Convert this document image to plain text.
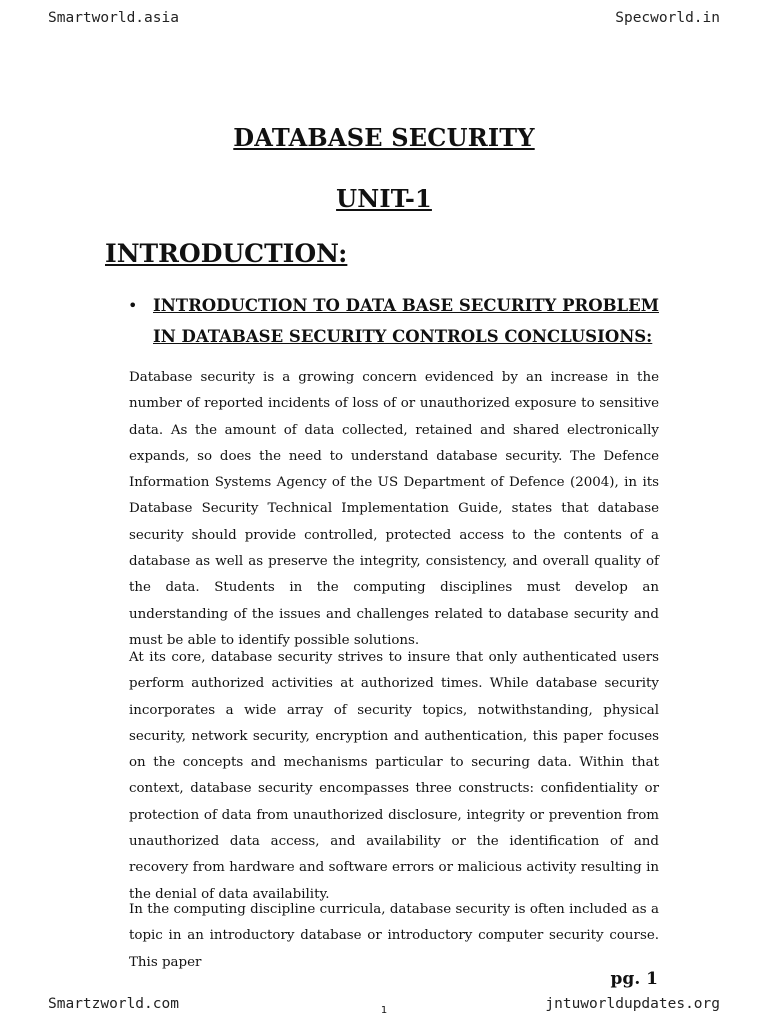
Smartworld.asia	Specworld.in
DATABASE SECURITY
UNIT-1
INTRODUCTION:
• INTRODUCTION TO DATA BASE SECURITY PROBLEM IN DATABASE SECURITY CONTROLS CONCLUSIONS:

Database security is a growing concern evidenced by an increase in the number of reported incidents of loss of or unauthorized exposure to sensitive data. As the amount of data collected, retained and shared electronically expands, so does the need to understand database security. The Defence Information Systems Agency of the US Department of Defence (2004), in its Database Security Technical Implementation Guide, states that database security should provide controlled, protected access to the contents of a database as well as preserve the integrity, consistency, and overall quality of the data. Students in the computing disciplines must develop an understanding of the issues and challenges related to database security and must be able to identify possible solutions.

At its core, database security strives to insure that only authenticated users perform authorized activities at authorized times. While database security incorporates a wide array of security topics, notwithstanding, physical security, network security, encryption and authentication, this paper focuses on the concepts and mechanisms particular to securing data. Within that context, database security encompasses three constructs: confidentiality or protection of data from unauthorized disclosure, integrity or prevention from unauthorized data access, and availability or the identification of and recovery from hardware and software errors or malicious activity resulting in the denial of data availability.

In the computing discipline curricula, database security is often included as a topic in an introductory database or introductory computer security course. This paper

pg. 1
Smartzworld.com	1	jntuworldupdates.org
